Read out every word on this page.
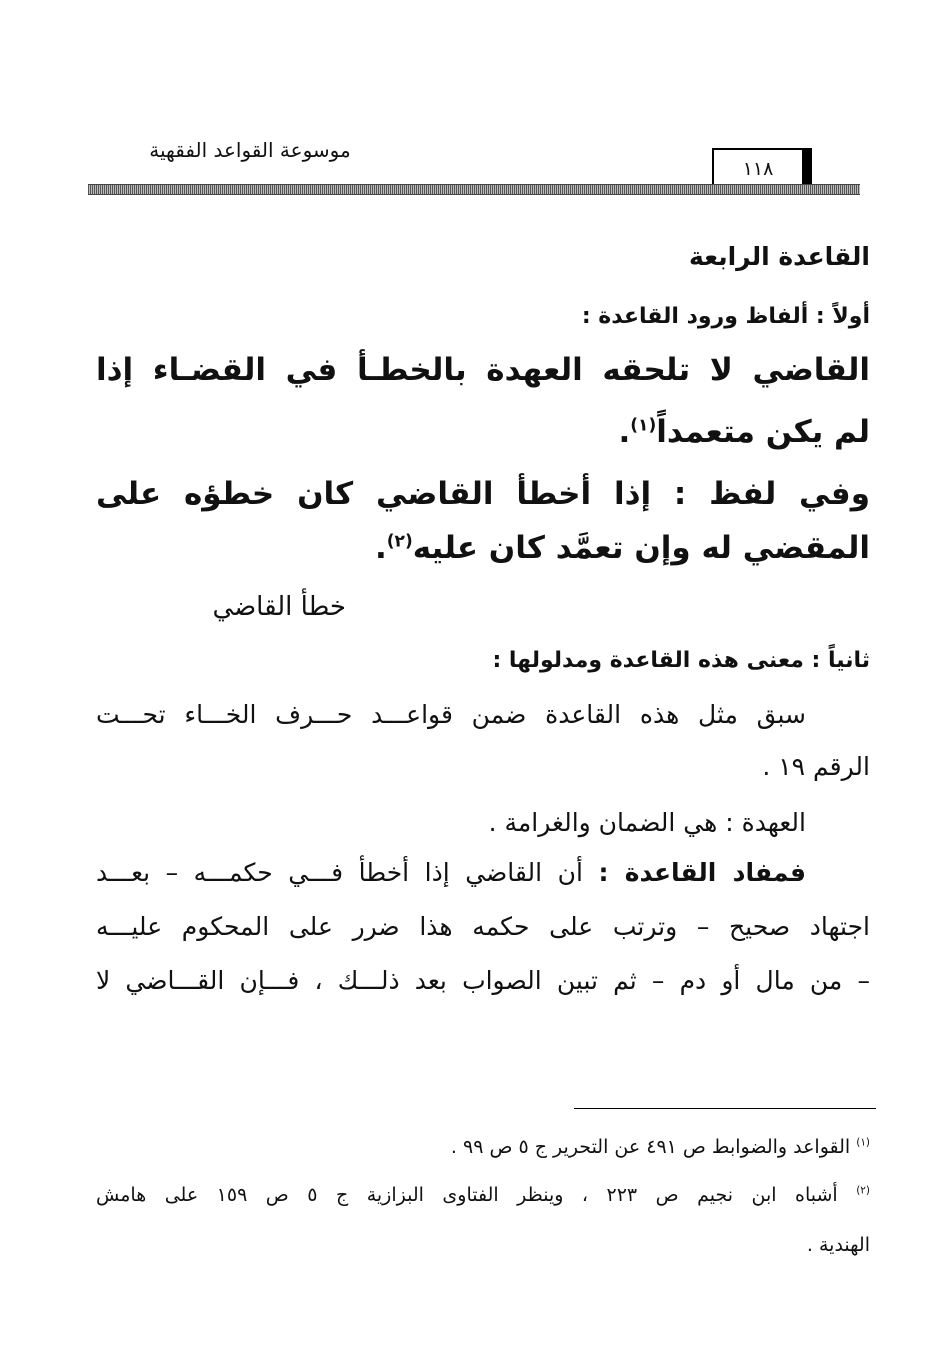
موسوعة القواعد الفقهية
١١٨
القاعدة الرابعة
أولاً : ألفاظ ورود القاعدة :
القاضي لا تلحقه العهدة بالخطـأ في القضـاء إذا
لم يكن متعمداً$^{(١)}$.
وفي لفظ : إذا أخطأ القاضي كان خطؤه على
المقضي له وإن تعمَّد كان عليه$^{(٢)}$.
خطأ القاضي
ثانياً : معنى هذه القاعدة ومدلولها :
سبق مثل هذه القاعدة ضمن قواعـــد حـــرف الخـــاء تحـــت
الرقم ١٩ .
العهدة : هي الضمان والغرامة .
فمفاد القاعدة : أن القاضي إذا أخطأ فـــي حكمـــه – بعـــد
اجتهاد صحيح – وترتب على حكمه هذا ضرر على المحكوم عليـــه
– من مال أو دم – ثم تبين الصواب بعد ذلـــك ، فـــإن القـــاضي لا
$^{(١)}$ القواعد والضوابط ص ٤٩١ عن التحرير ج ٥ ص ٩٩ .
$^{(٢)}$ أشباه ابن نجيم ص ٢٢٣ ، وينظر الفتاوى البزازية ج ٥ ص ١٥٩ على هامش
الهندية .
